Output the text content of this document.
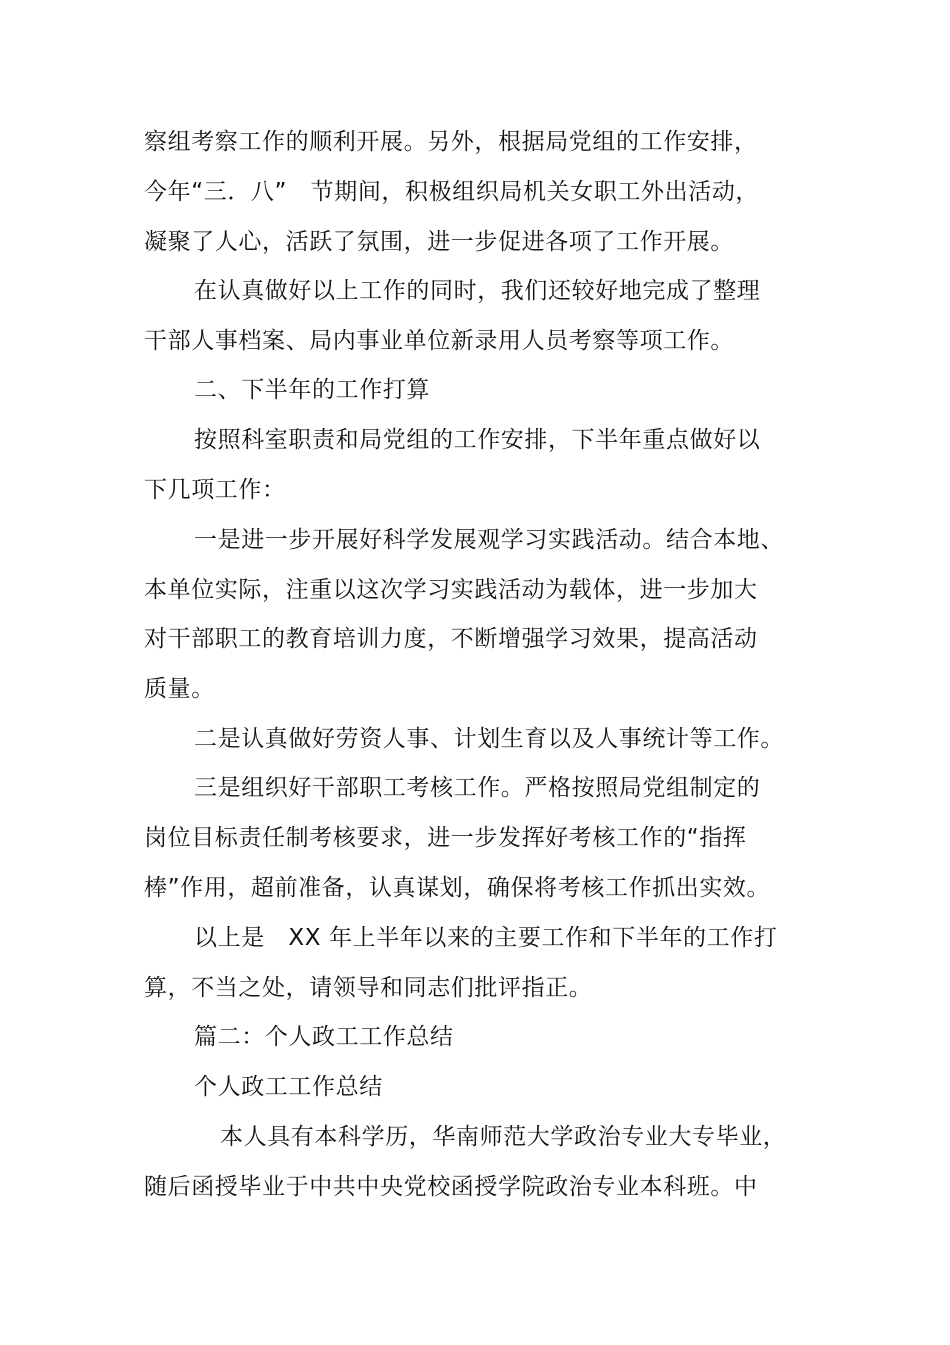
察组考察工作的顺利开展。另外，根据局党组的工作安排，
今年“三．八”　节期间，积极组织局机关女职工外出活动，
凝聚了人心，活跃了氛围，进一步促进各项了工作开展。
在认真做好以上工作的同时，我们还较好地完成了整理
干部人事档案、局内事业单位新录用人员考察等项工作。
二、下半年的工作打算
按照科室职责和局党组的工作安排，下半年重点做好以
下几项工作：
一是进一步开展好科学发展观学习实践活动。结合本地、
本单位实际，注重以这次学习实践活动为载体，进一步加大
对干部职工的教育培训力度，不断增强学习效果，提高活动
质量。
二是认真做好劳资人事、计划生育以及人事统计等工作。
三是组织好干部职工考核工作。严格按照局党组制定的
岗位目标责任制考核要求，进一步发挥好考核工作的“指挥
棒”作用，超前准备，认真谋划，确保将考核工作抓出实效。
以上是　XX 年上半年以来的主要工作和下半年的工作打
算，不当之处，请领导和同志们批评指正。
篇二：个人政工工作总结
个人政工工作总结
本人具有本科学历，华南师范大学政治专业大专毕业，
随后函授毕业于中共中央党校函授学院政治专业本科班。中
